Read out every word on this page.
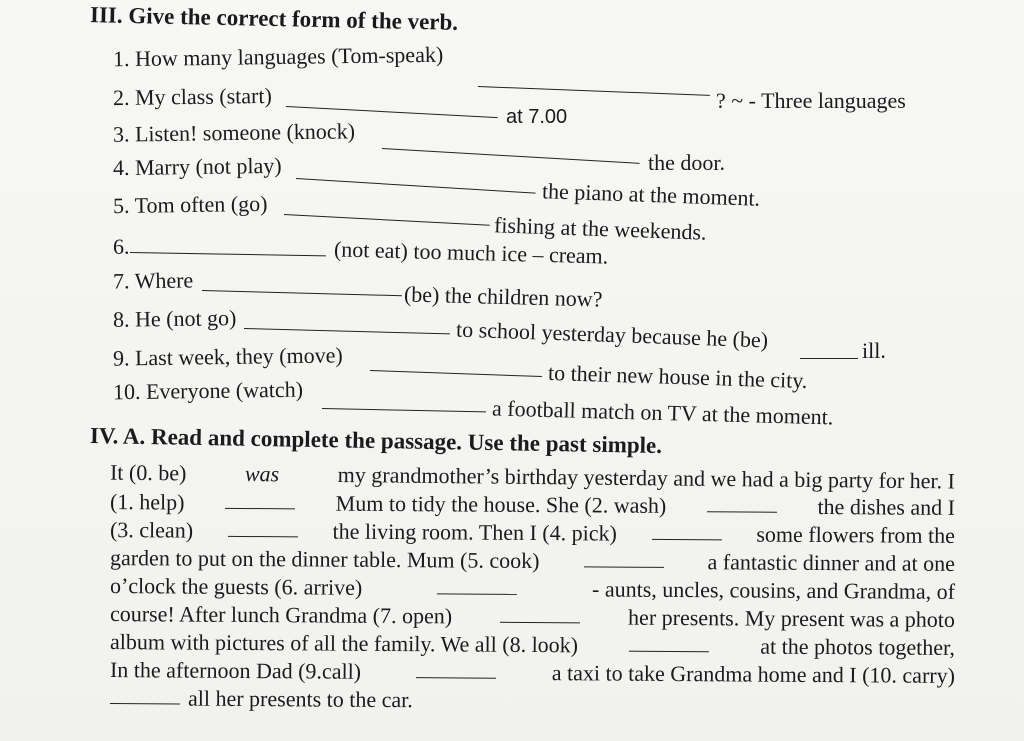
III. Give the correct form of the verb.
1. How many languages (Tom-speak)
? ~ - Three languages
2. My class (start)
at 7.00
3. Listen! someone (knock)
the door.
4. Marry (not play)
the piano at the moment.
5. Tom often (go)
fishing at the weekends.
6.	(not eat) too much ice – cream.
7. Where
(be) the children now?
8. He (not go)	to school yesterday because he (be)	ill.
9. Last week, they (move)
to their new house in the city.
10. Everyone (watch)
a football match on TV at the moment.
IV. A. Read and complete the passage. Use the past simple.
It (0. be)	was	my grandmother’s birthday yesterday and we had a big party for her. I
(1. help)	Mum to tidy the house. She (2. wash)	the dishes and I
(3. clean)	the living room. Then I (4. pick)	some flowers from the
garden to put on the dinner table. Mum (5. cook)	a fantastic dinner and at one
o’clock the guests (6. arrive)	- aunts, uncles, cousins, and Grandma, of
course! After lunch Grandma (7. open)	her presents. My present was a photo
album with pictures of all the family. We all (8. look)	at the photos together,
In the afternoon Dad (9.call)	a taxi to take Grandma home and I (10. carry)
all her presents to the car.
